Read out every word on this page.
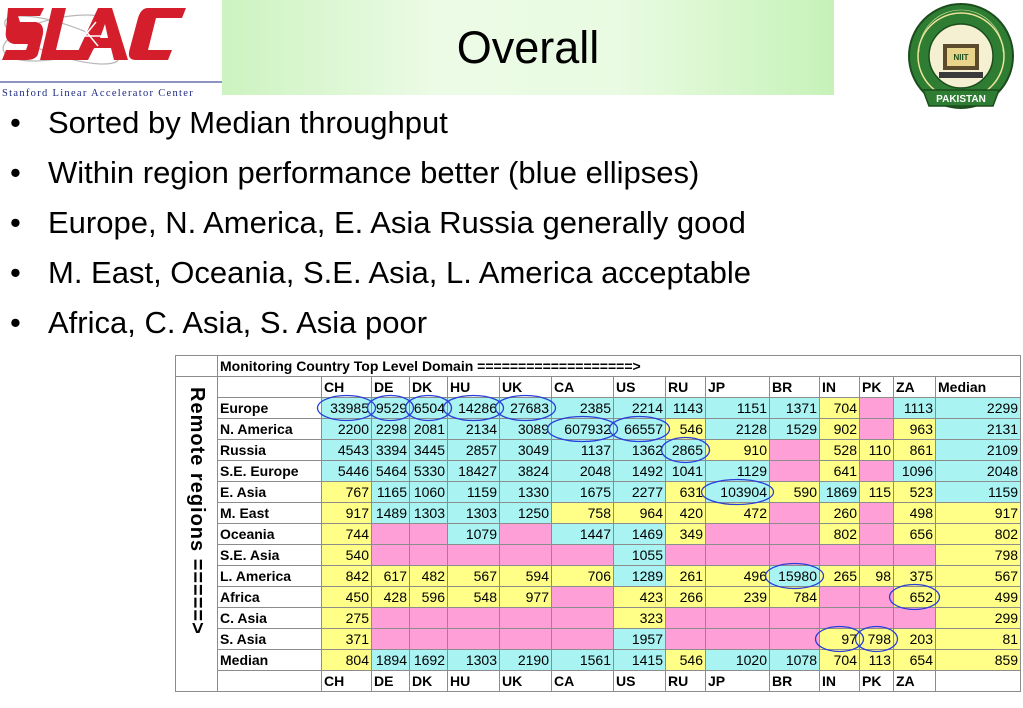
Stanford Linear Accelerator Center
Overall	NIIT
PAKISTAN
• Sorted by Median throughput
• Within region performance better (blue ellipses)
• Europe, N. America, E. Asia Russia generally good
• M. East, Oceania, S.E. Asia, L. America acceptable
• Africa, C. Asia, S. Asia poor
	Monitoring Country Top Level Domain ===================>														

Remote regions =====>		CH	DE	DK	HU	UK	CA	US	RU	JP	BR	IN	PK	ZA	Median
	Europe	33985	9529	6504	14286	27683	2385	2214	1143	1151	1371	704		1113	2299
	N. America	2200	2298	2081	2134	3089	607932	66557	546	2128	1529	902		963	2131
	Russia	4543	3394	3445	2857	3049	1137	1362	2865	910		528	110	861	2109
	S.E. Europe	5446	5464	5330	18427	3824	2048	1492	1041	1129		641		1096	2048
	E. Asia	767	1165	1060	1159	1330	1675	2277	631	103904	590	1869	115	523	1159
	M. East	917	1489	1303	1303	1250	758	964	420	472		260		498	917
	Oceania	744			1079		1447	1469	349			802		656	802
	S.E. Asia	540						1055							798
	L. America	842	617	482	567	594	706	1289	261	496	15980	265	98	375	567
	Africa	450	428	596	548	977		423	266	239	784			652	499
	C. Asia	275						323							299
	S. Asia	371						1957				97	798	203	81
	Median	804	1894	1692	1303	2190	1561	1415	546	1020	1078	704	113	654	859
		CH	DE	DK	HU	UK	CA	US	RU	JP	BR	IN	PK	ZA	
